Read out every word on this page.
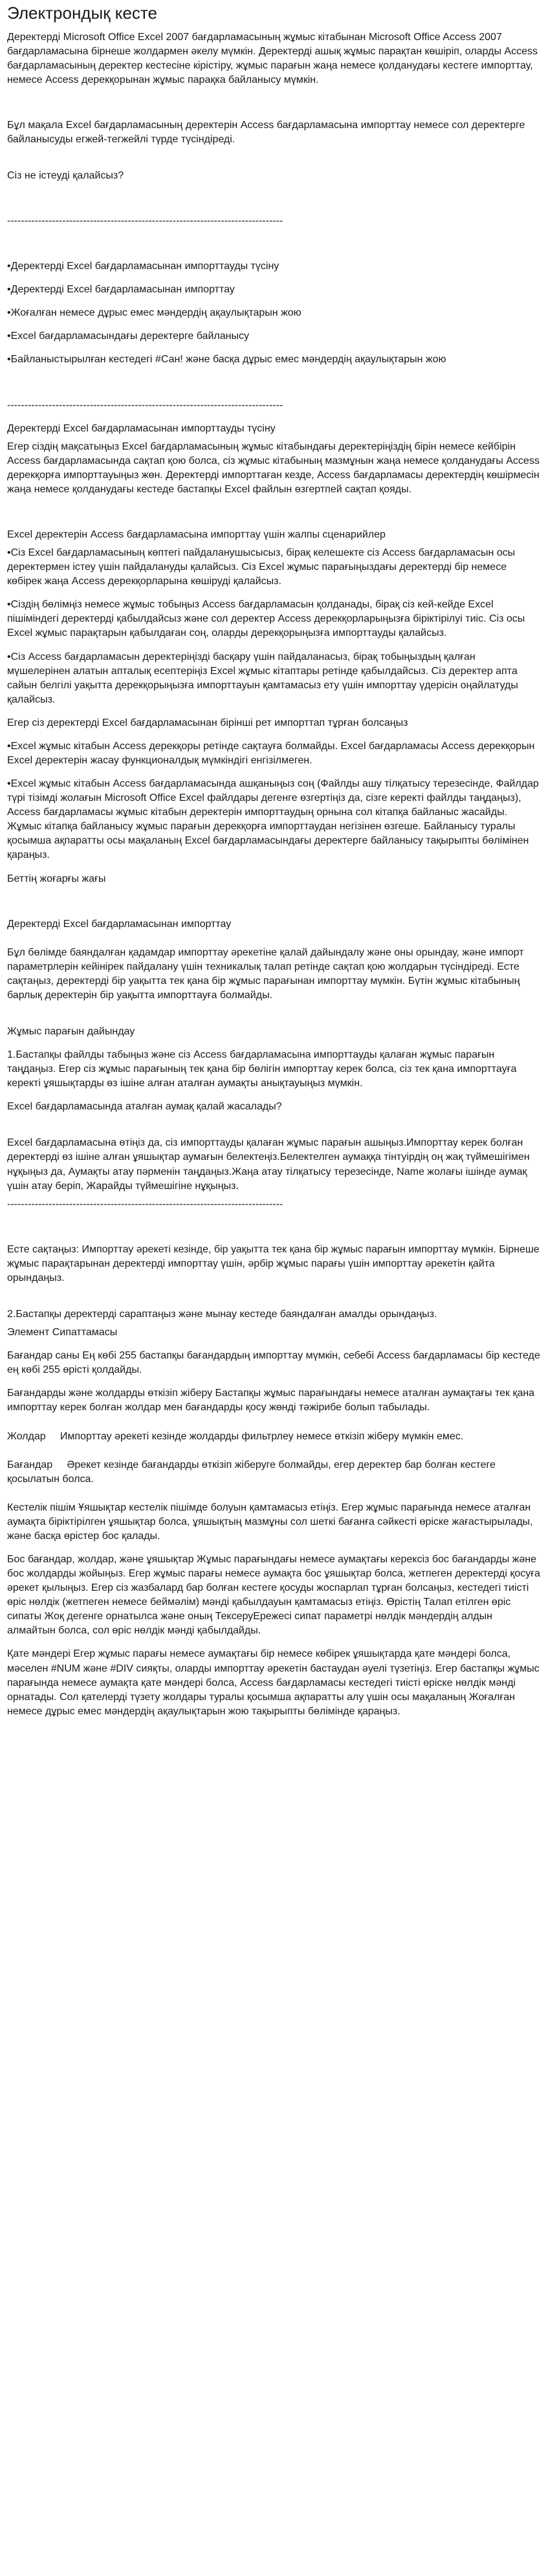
Электрондық кесте
Деректерді Microsoft Office Excel 2007 бағдарламасының жұмыс кітабынан Microsoft Office Access 2007 бағдарламасына бірнеше жолдармен әкелу мүмкін. Деректерді ашық жұмыс парақтан көшіріп, оларды Access бағдарламасының деректер кестесіне кірістіру, жұмыс парағын жаңа немесе қолданудағы кестеге импорттау, немесе Access дерекқорынан жұмыс парақка байланысу мүмкін.
Бұл мақала Excel бағдарламасының деректерін Access бағдарламасына импорттау немесе сол деректерге байланысуды егжей-тегжейлі түрде түсіндіреді.
Сіз не істеуді қалайсыз?
--------------------------------------------------------------------------------
•Деректерді Excel бағдарламасынан импорттауды түсіну
•Деректерді Excel бағдарламасынан импорттау
•Жоғалған немесе дұрыс емес мәндердің ақаулықтарын жою
•Excel бағдарламасындағы деректерге байланысу
•Байланыстырылған кестедегі #Сан! және басқа дұрыс емес мәндердің ақаулықтарын жою
--------------------------------------------------------------------------------
Деректерді Excel бағдарламасынан импорттауды түсіну
Егер сіздің мақсатыңыз Excel бағдарламасының жұмыс кітабындағы деректеріңіздің бірін немесе кейбірін Access бағдарламасында сақтап қою болса, сіз жұмыс кітабының мазмұнын жаңа немесе қолданудағы Access дерекқорға импорттауыңыз жөн. Деректерді импорттаған кезде, Access бағдарламасы деректердің көшірмесін жаңа немесе қолданудағы кестеде бастапқы Excel файлын өзгертпей сақтап қояды.
Excel деректерін Access бағдарламасына импорттау үшін жалпы сценарийлер
•Сіз Excel бағдарламасының көптегі пайдаланушысысыз, бірақ келешекте сіз Access бағдарламасын осы деректермен істеу үшін пайдалануды қалайсыз. Сіз Excel жұмыс парағыңыздағы деректерді бір немесе көбірек жаңа Access дерекқорларына көшіруді қалайсыз.
•Сіздің бөлімңіз немесе жұмыс тобыңыз Access бағдарламасын қолданады, бірақ сіз кей-кейде Excel пішіміндегі деректерді қабылдайсыз және сол деректер Access дерекқорларыңызға біріктірілуі тиіс. Сіз осы Excel жұмыс парақтарын қабылдаған соң, оларды дерекқорыңызға импорттауды қалайсыз.
•Сіз Access бағдарламасын деректеріңізді басқару үшін пайдаланасыз, бірақ тобыңыздың қалған мүшелерінен алатын апталық есептеріңіз Excel жұмыс кітаптары ретінде қабылдайсыз. Сіз деректер апта сайын белгілі уақытта дерекқорыңызға импорттауын қамтамасыз ету үшін импорттау үдерісін оңайлатуды қалайсыз.
Егер сіз деректерді Excel бағдарламасынан бірінші рет импорттап тұрған болсаңыз
•Excel жұмыс кітабын Access дерекқоры ретінде сақтауға болмайды. Excel бағдарламасы Access дерекқорын Excel деректерін жасау функционалдық мүмкіндігі енгізілмеген.
•Excel жұмыс кітабын Access бағдарламасында ашқаныңыз соң (Файлды ашу тілқатысу терезесінде, Файлдар түрі тізімді жолағын Microsoft Office Excel файлдары дегенге өзгертіңіз да, сізге керекті файлды таңдаңыз), Access бағдарламасы жұмыс кітабын деректерін импорттаудың орнына сол кітапқа байланыс жасайды. Жұмыс кітапқа байланысу жұмыс парағын дерекқорға импорттаудан негізінен өзгеше. Байланысу туралы қосымша ақпаратты осы мақаланың Excel бағдарламасындағы деректерге байланысу тақырыпты бөлімінен қараңыз.
Беттің жоғарғы жағы
Деректерді Excel бағдарламасынан импорттау
Бұл бөлімде баяндалған қадамдар импорттау әрекетіне қалай дайындалу және оны орындау, және импорт параметрлерін кейінірек пайдалану үшін техникалық талап ретінде сақтап қою жолдарын түсіндіреді. Есте сақтаңыз, деректерді бір уақытта тек қана бір жұмыс парағынан импорттау мүмкін. Бүтін жұмыс кітабының барлық деректерін бір уақытта импорттауға болмайды.
Жұмыс парағын дайындау
1.Бастапқы файлды табыңыз және сіз Access бағдарламасына импорттауды қалаған жұмыс парағын таңдаңыз. Егер сіз жұмыс парағының тек қана бір бөлігін импорттау керек болса, сіз тек қана импорттауға керекті ұяшықтарды өз ішіне алған аталған аумақты анықтауыңыз мүмкін.
Excel бағдарламасында аталған аумақ қалай жасалады?
Excel бағдарламасына өтіңіз да, сіз импорттауды қалаған жұмыс парағын ашыңыз.Импорттау керек болған деректерді өз ішіне алған ұяшықтар аумағын белектеңіз.Белектелген аумаққа тінтуірдің оң жақ түймешігімен нұқыңыз да, Аумақты атау пәрменін таңдаңыз.Жаңа атау тілқатысу терезесінде, Name жолағы ішінде аумақ үшін атау беріп, Жарайды түймешігіне нұқыңыз.
--------------------------------------------------------------------------------
Есте сақтаңыз: Импорттау әрекеті кезінде, бір уақытта тек қана бір жұмыс парағын импорттау мүмкін. Бірнеше жұмыс парақтарынан деректерді импорттау үшін, әрбір жұмыс парағы үшін импорттау әрекетін қайта орындаңыз.
2.Бастапқы деректерді сараптаңыз және мынау кестеде баяндалған амалды орындаңыз.
Элемент Сипаттамасы
Бағандар саны Ең көбі 255 бастапқы бағандардың импорттау мүмкін, себебі Access бағдарламасы бір кестеде ең көбі 255 өрісті қолдайды.
Бағандарды және жолдарды өткізіп жіберу Бастапқы жұмыс парағындағы немесе аталған аумақтағы тек қана импорттау керек болған жолдар мен бағандарды қосу жөнді тәжірибе болып табылады.
Жолдар     Импорттау әрекеті кезінде жолдарды фильтрлеу немесе өткізіп жіберу мүмкін емес.
Бағандар     Әрекет кезінде бағандарды өткізіп жіберуге болмайды, егер деректер бар болған кестеге қосылатын болса.
Кестелік пішім Ұяшықтар кестелік пішімде болуын қамтамасыз етіңіз. Егер жұмыс парағында немесе аталған аумақта біріктірілген ұяшықтар болса, ұяшықтың мазмұны сол шеткі бағанға сәйкесті өріске жағастырылады, және басқа өрістер бос қалады.
Бос бағандар, жолдар, және ұяшықтар Жұмыс парағындағы немесе аумақтағы керексіз бос бағандарды және бос жолдарды жойыңыз. Егер жұмыс парағы немесе аумақта бос ұяшықтар болса, жетпеген деректерді қосуға әрекет қылыңыз. Егер сіз жазбалард бар болған кестеге қосуды жоспарлап тұрған болсаңыз, кестедегі тиісті өріс нөлдік (жетпеген немесе беймәлім) мәнді қабылдауын қамтамасыз етіңіз. Өрістің Талап етілген өріс сипаты Жоқ дегенге орнатылса және оның ТексеруЕрежесі сипат параметрі нөлдік мәндердің алдын алмайтын болса, сол өріс нөлдік мәнді қабылдайды.
Қате мәндері Егер жұмыс парағы немесе аумақтағы бір немесе көбірек ұяшықтарда қате мәндері болса, мәселен #NUM және #DIV сияқты, оларды импорттау әрекетін бастаудан әуелі түзетіңіз. Егер бастапқы жұмыс парағында немесе аумақта қате мәндері болса, Access бағдарламасы кестедегі тиісті өріске нөлдік мәнді орнатады. Сол қателерді түзету жолдары туралы қосымша ақпаратты алу үшін осы мақаланың Жоғалған немесе дұрыс емес мәндердің ақаулықтарын жою тақырыпты бөлімінде қараңыз.
